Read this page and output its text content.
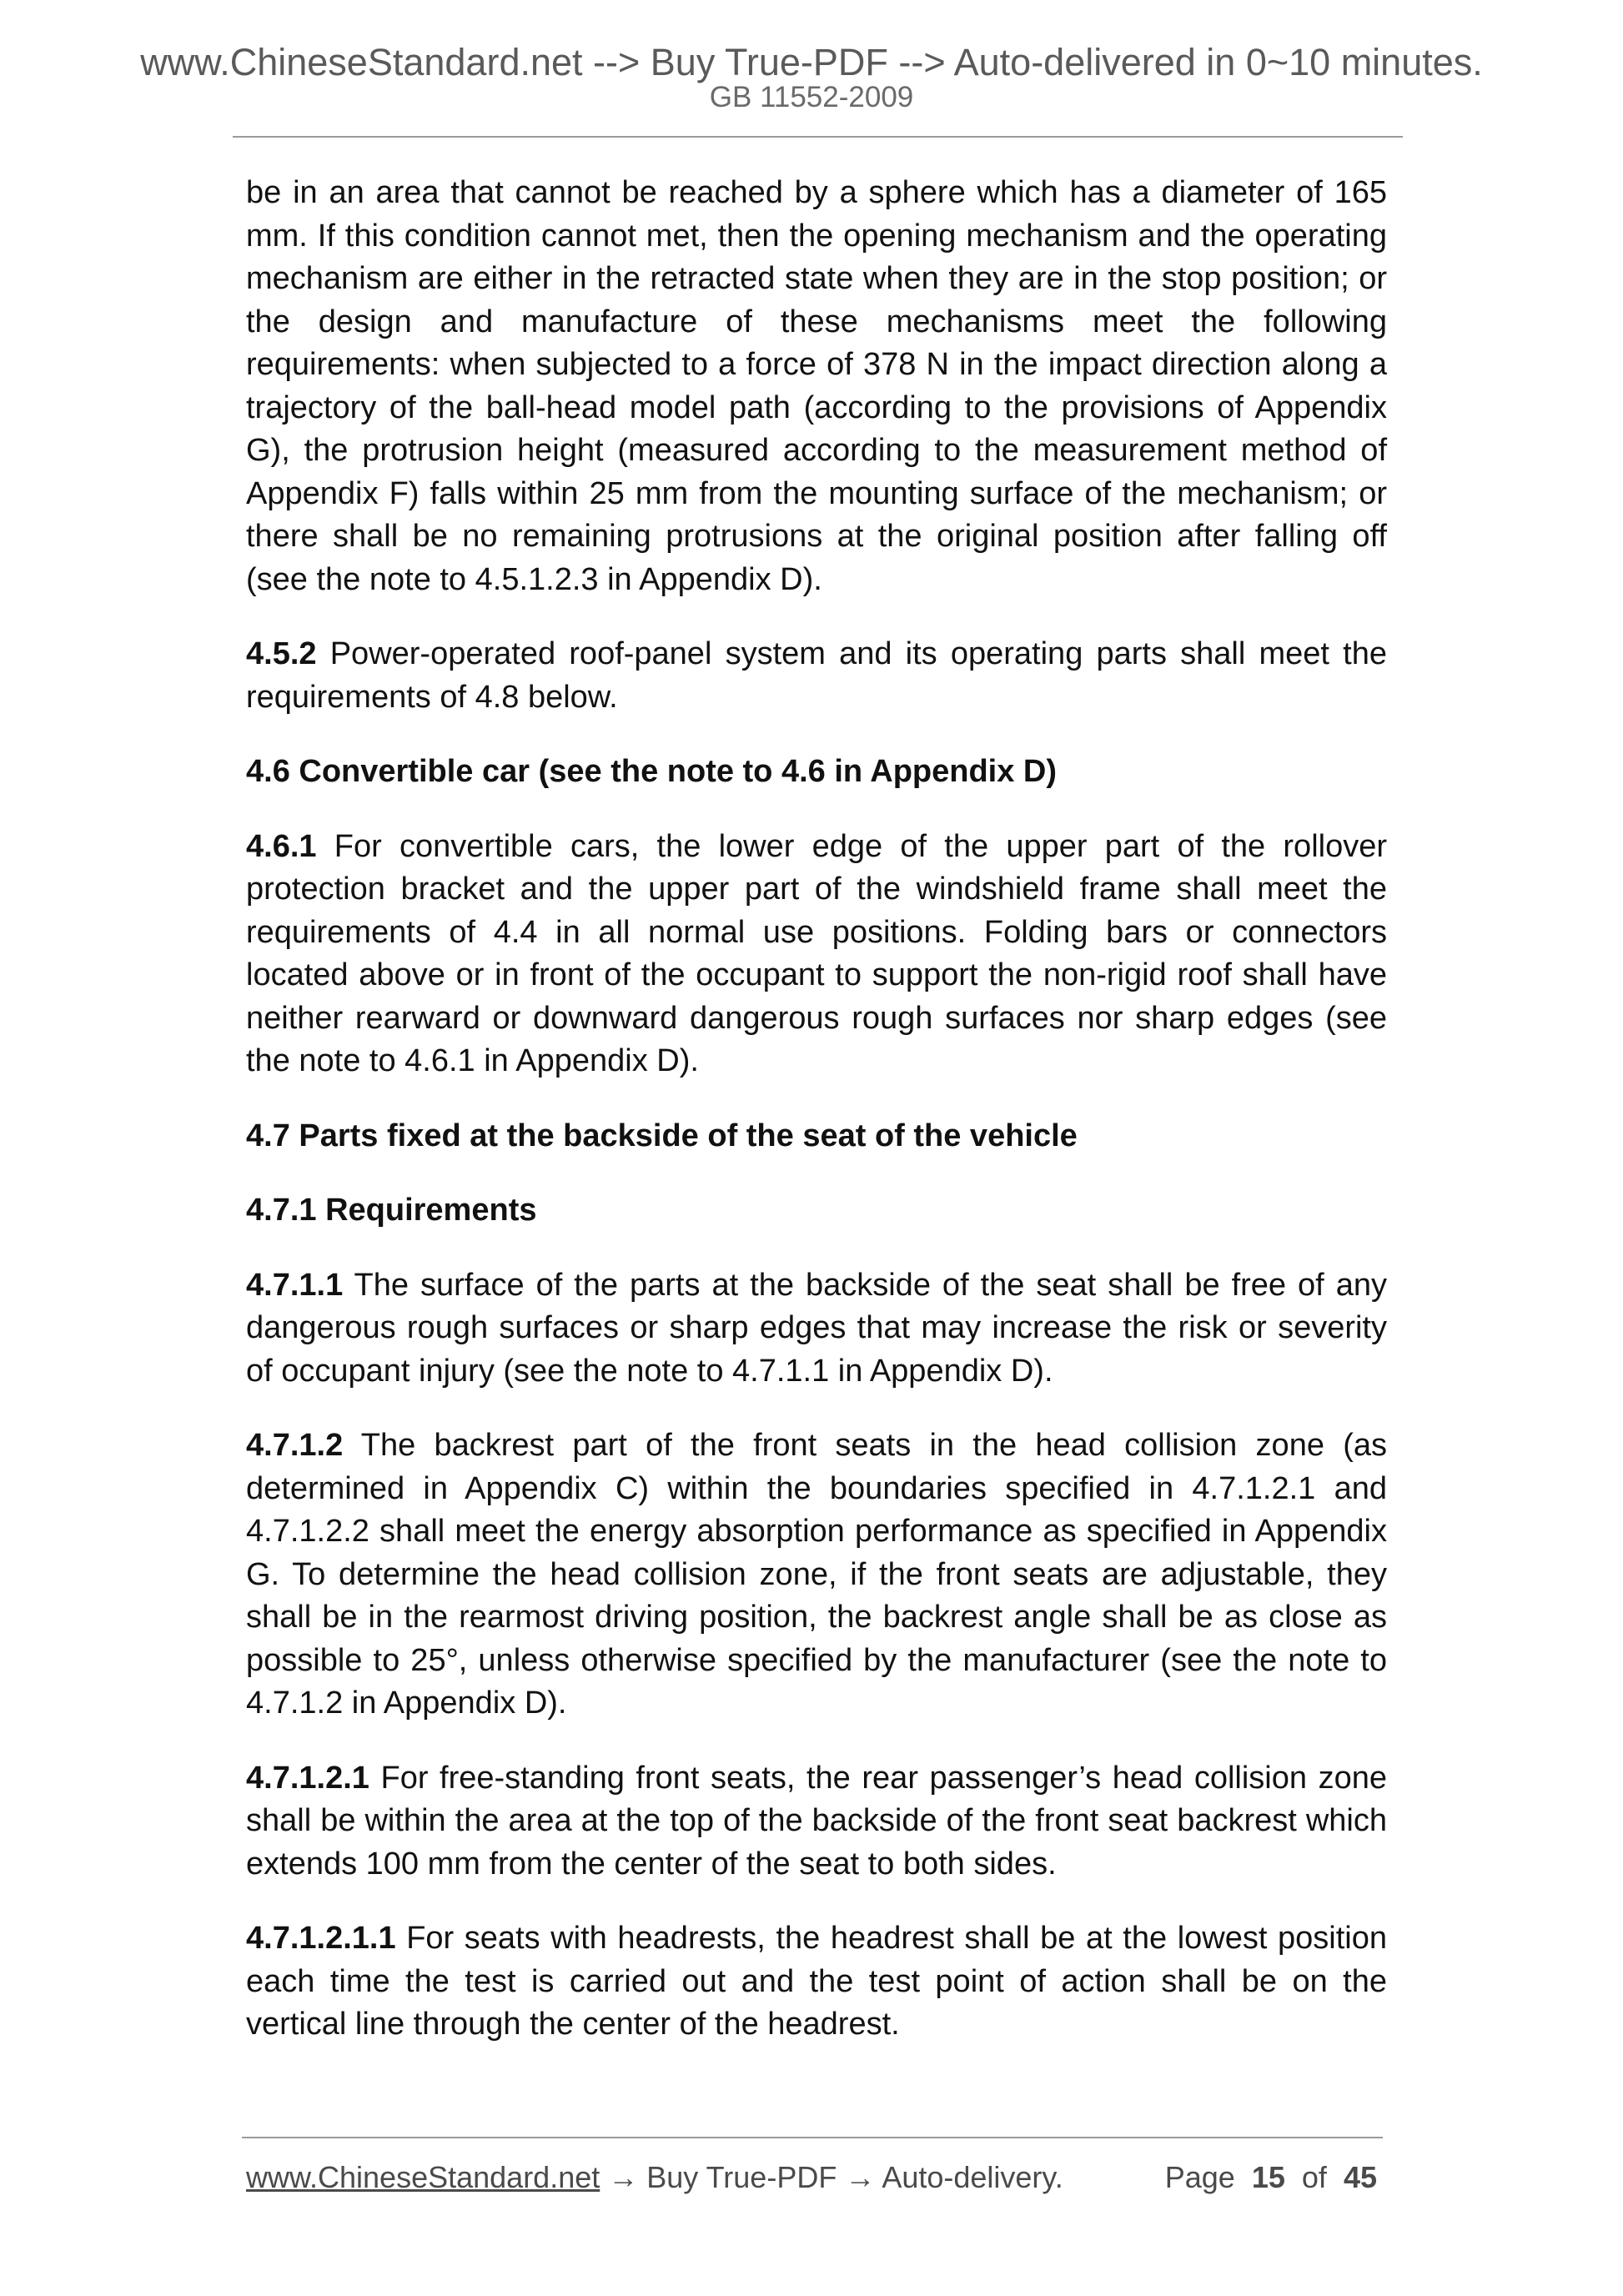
www.ChineseStandard.net --> Buy True-PDF --> Auto-delivered in 0~10 minutes.
GB 11552-2009

be in an area that cannot be reached by a sphere which has a diameter of 165 mm. If this condition cannot met, then the opening mechanism and the operating mechanism are either in the retracted state when they are in the stop position; or the design and manufacture of these mechanisms meet the following requirements: when subjected to a force of 378 N in the impact direction along a trajectory of the ball-head model path (according to the provisions of Appendix G), the protrusion height (measured according to the measurement method of Appendix F) falls within 25 mm from the mounting surface of the mechanism; or there shall be no remaining protrusions at the original position after falling off (see the note to 4.5.1.2.3 in Appendix D).

4.5.2 Power-operated roof-panel system and its operating parts shall meet the requirements of 4.8 below.

4.6 Convertible car (see the note to 4.6 in Appendix D)

4.6.1 For convertible cars, the lower edge of the upper part of the rollover protection bracket and the upper part of the windshield frame shall meet the requirements of 4.4 in all normal use positions. Folding bars or connectors located above or in front of the occupant to support the non-rigid roof shall have neither rearward or downward dangerous rough surfaces nor sharp edges (see the note to 4.6.1 in Appendix D).

4.7 Parts fixed at the backside of the seat of the vehicle

4.7.1 Requirements

4.7.1.1 The surface of the parts at the backside of the seat shall be free of any dangerous rough surfaces or sharp edges that may increase the risk or severity of occupant injury (see the note to 4.7.1.1 in Appendix D).

4.7.1.2 The backrest part of the front seats in the head collision zone (as determined in Appendix C) within the boundaries specified in 4.7.1.2.1 and 4.7.1.2.2 shall meet the energy absorption performance as specified in Appendix G. To determine the head collision zone, if the front seats are adjustable, they shall be in the rearmost driving position, the backrest angle shall be as close as possible to 25°, unless otherwise specified by the manufacturer (see the note to 4.7.1.2 in Appendix D).

4.7.1.2.1 For free-standing front seats, the rear passenger’s head collision zone shall be within the area at the top of the backside of the front seat backrest which extends 100 mm from the center of the seat to both sides.

4.7.1.2.1.1 For seats with headrests, the headrest shall be at the lowest position each time the test is carried out and the test point of action shall be on the vertical line through the center of the headrest.

www.ChineseStandard.net → Buy True-PDF → Auto-delivery.	Page 15 of 45
